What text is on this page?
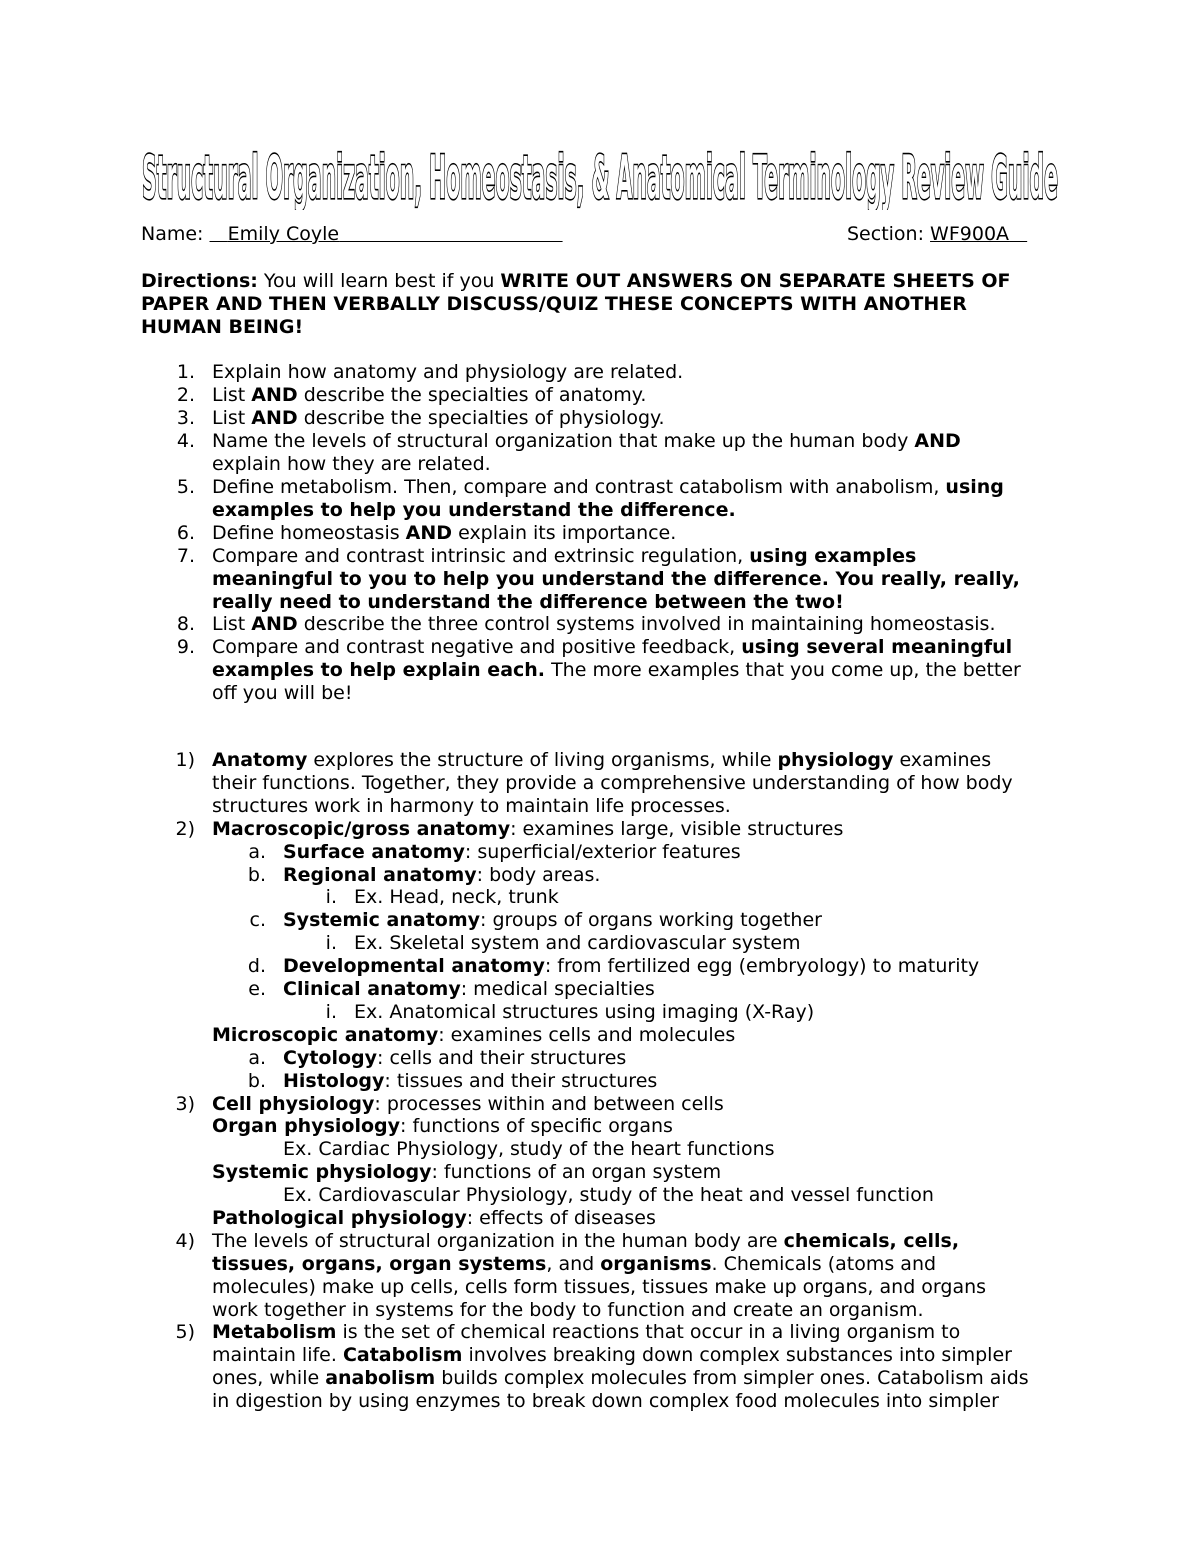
Structural Organization, Homeostasis, & Anatomical Terminology Review Guide
Name: Emily Coyle	Section: WF900A
Directions: You will learn best if you WRITE OUT ANSWERS ON SEPARATE SHEETS OF
PAPER AND THEN VERBALLY DISCUSS/QUIZ THESE CONCEPTS WITH ANOTHER
HUMAN BEING!
1. Explain how anatomy and physiology are related.
2. List AND describe the specialties of anatomy.
3. List AND describe the specialties of physiology.
4. Name the levels of structural organization that make up the human body AND
explain how they are related.
5. Define metabolism. Then, compare and contrast catabolism with anabolism, using
examples to help you understand the difference.
6. Define homeostasis AND explain its importance.
7. Compare and contrast intrinsic and extrinsic regulation, using examples
meaningful to you to help you understand the difference. You really, really,
really need to understand the difference between the two!
8. List AND describe the three control systems involved in maintaining homeostasis.
9. Compare and contrast negative and positive feedback, using several meaningful
examples to help explain each. The more examples that you come up, the better
off you will be!
1) Anatomy explores the structure of living organisms, while physiology examines
their functions. Together, they provide a comprehensive understanding of how body
structures work in harmony to maintain life processes.
2) Macroscopic/gross anatomy: examines large, visible structures
a. Surface anatomy: superficial/exterior features
b. Regional anatomy: body areas.
i. Ex. Head, neck, trunk
c. Systemic anatomy: groups of organs working together
i. Ex. Skeletal system and cardiovascular system
d. Developmental anatomy: from fertilized egg (embryology) to maturity
e. Clinical anatomy: medical specialties
i. Ex. Anatomical structures using imaging (X-Ray)
Microscopic anatomy: examines cells and molecules
a. Cytology: cells and their structures
b. Histology: tissues and their structures
3) Cell physiology: processes within and between cells
Organ physiology: functions of specific organs
Ex. Cardiac Physiology, study of the heart functions
Systemic physiology: functions of an organ system
Ex. Cardiovascular Physiology, study of the heat and vessel function
Pathological physiology: effects of diseases
4) The levels of structural organization in the human body are chemicals, cells,
tissues, organs, organ systems, and organisms. Chemicals (atoms and
molecules) make up cells, cells form tissues, tissues make up organs, and organs
work together in systems for the body to function and create an organism.
5) Metabolism is the set of chemical reactions that occur in a living organism to
maintain life. Catabolism involves breaking down complex substances into simpler
ones, while anabolism builds complex molecules from simpler ones. Catabolism aids
in digestion by using enzymes to break down complex food molecules into simpler
